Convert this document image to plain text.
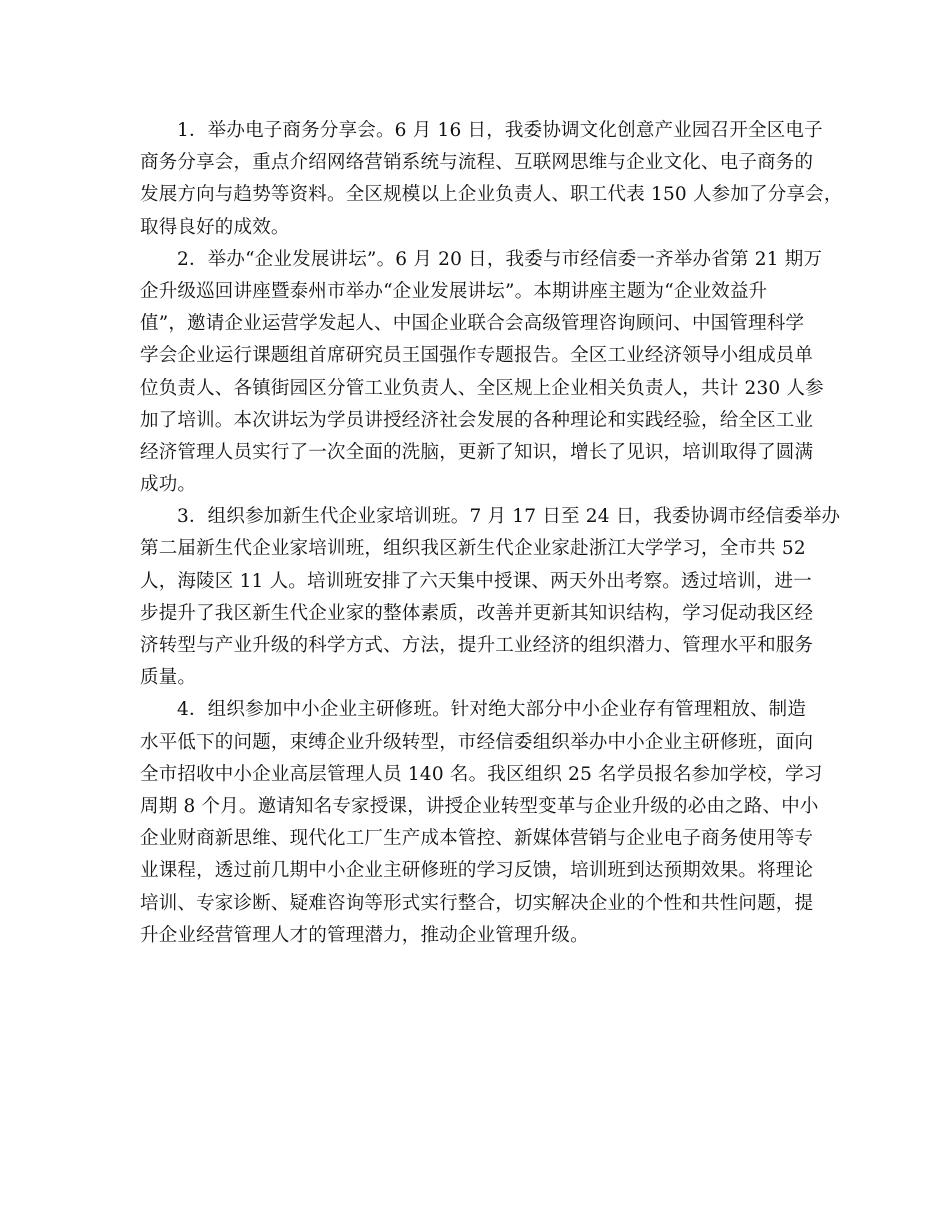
1．举办电子商务分享会。6 月 16 日，我委协调文化创意产业园召开全区电子
商务分享会，重点介绍网络营销系统与流程、互联网思维与企业文化、电子商务的
发展方向与趋势等资料。全区规模以上企业负责人、职工代表 150 人参加了分享会，
取得良好的成效。
2．举办“企业发展讲坛”。6 月 20 日，我委与市经信委一齐举办省第 21 期万
企升级巡回讲座暨泰州市举办“企业发展讲坛”。本期讲座主题为“企业效益升
值”，邀请企业运营学发起人、中国企业联合会高级管理咨询顾问、中国管理科学
学会企业运行课题组首席研究员王国强作专题报告。全区工业经济领导小组成员单
位负责人、各镇街园区分管工业负责人、全区规上企业相关负责人，共计 230 人参
加了培训。本次讲坛为学员讲授经济社会发展的各种理论和实践经验，给全区工业
经济管理人员实行了一次全面的洗脑，更新了知识，增长了见识，培训取得了圆满
成功。
3．组织参加新生代企业家培训班。7 月 17 日至 24 日，我委协调市经信委举办
第二届新生代企业家培训班，组织我区新生代企业家赴浙江大学学习，全市共 52
人，海陵区 11 人。培训班安排了六天集中授课、两天外出考察。透过培训，进一
步提升了我区新生代企业家的整体素质，改善并更新其知识结构，学习促动我区经
济转型与产业升级的科学方式、方法，提升工业经济的组织潜力、管理水平和服务
质量。
4．组织参加中小企业主研修班。针对绝大部分中小企业存有管理粗放、制造
水平低下的问题，束缚企业升级转型，市经信委组织举办中小企业主研修班，面向
全市招收中小企业高层管理人员 140 名。我区组织 25 名学员报名参加学校，学习
周期 8 个月。邀请知名专家授课，讲授企业转型变革与企业升级的必由之路、中小
企业财商新思维、现代化工厂生产成本管控、新媒体营销与企业电子商务使用等专
业课程，透过前几期中小企业主研修班的学习反馈，培训班到达预期效果。将理论
培训、专家诊断、疑难咨询等形式实行整合，切实解决企业的个性和共性问题，提
升企业经营管理人才的管理潜力，推动企业管理升级。
